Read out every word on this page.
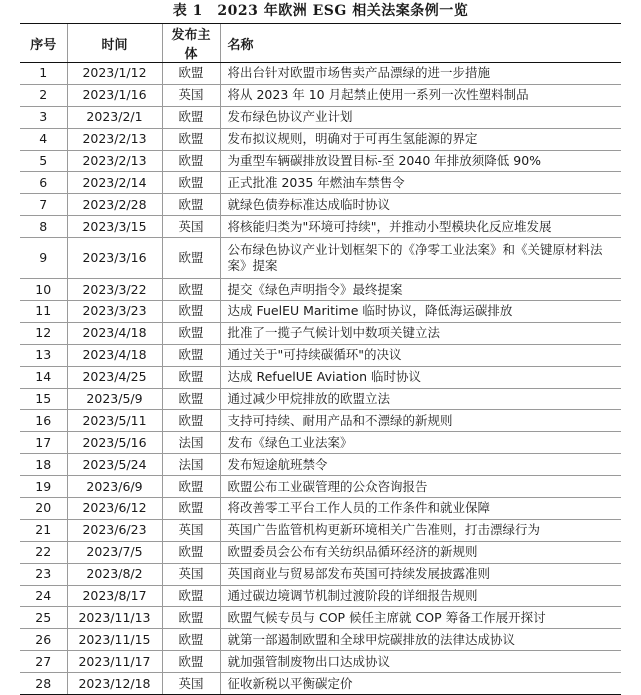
表 1　2023 年欧洲 ESG 相关法案条例一览
序号	时间	发布主体	名称
1	2023/1/12	欧盟	将出台针对欧盟市场售卖产品漂绿的进一步措施
2	2023/1/16	英国	将从 2023 年 10 月起禁止使用一系列一次性塑料制品
3	2023/2/1	欧盟	发布绿色协议产业计划
4	2023/2/13	欧盟	发布拟议规则，明确对于可再生氢能源的界定
5	2023/2/13	欧盟	为重型车辆碳排放设置目标-至 2040 年排放须降低 90%
6	2023/2/14	欧盟	正式批准 2035 年燃油车禁售令
7	2023/2/28	欧盟	就绿色债券标准达成临时协议
8	2023/3/15	英国	将核能归类为"环境可持续"，并推动小型模块化反应堆发展
9	2023/3/16	欧盟	公布绿色协议产业计划框架下的《净零工业法案》和《关键原材料法案》提案
10	2023/3/22	欧盟	提交《绿色声明指令》最终提案
11	2023/3/23	欧盟	达成 FuelEU Maritime 临时协议，降低海运碳排放
12	2023/4/18	欧盟	批准了一揽子气候计划中数项关键立法
13	2023/4/18	欧盟	通过关于"可持续碳循环"的决议
14	2023/4/25	欧盟	达成 RefuelUE Aviation 临时协议
15	2023/5/9	欧盟	通过减少甲烷排放的欧盟立法
16	2023/5/11	欧盟	支持可持续、耐用产品和不漂绿的新规则
17	2023/5/16	法国	发布《绿色工业法案》
18	2023/5/24	法国	发布短途航班禁令
19	2023/6/9	欧盟	欧盟公布工业碳管理的公众咨询报告
20	2023/6/12	欧盟	将改善零工平台工作人员的工作条件和就业保障
21	2023/6/23	英国	英国广告监管机构更新环境相关广告准则，打击漂绿行为
22	2023/7/5	欧盟	欧盟委员会公布有关纺织品循环经济的新规则
23	2023/8/2	英国	英国商业与贸易部发布英国可持续发展披露准则
24	2023/8/17	欧盟	通过碳边境调节机制过渡阶段的详细报告规则
25	2023/11/13	欧盟	欧盟气候专员与 COP 候任主席就 COP 筹备工作展开探讨
26	2023/11/15	欧盟	就第一部遏制欧盟和全球甲烷碳排放的法律达成协议
27	2023/11/17	欧盟	就加强管制废物出口达成协议
28	2023/12/18	英国	征收新税以平衡碳定价
